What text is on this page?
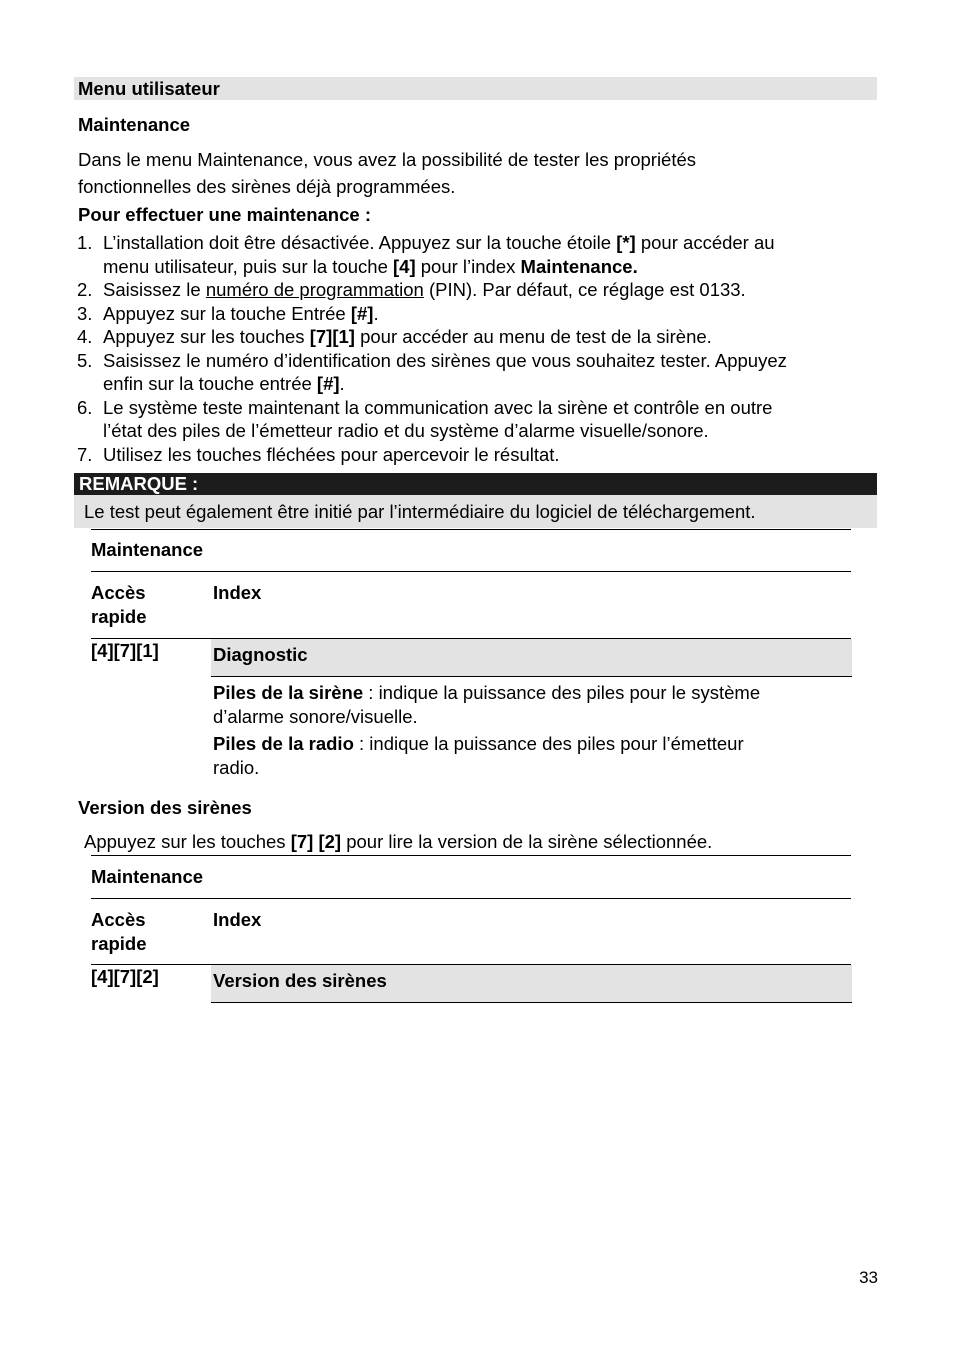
Menu utilisateur
Maintenance
Dans le menu Maintenance, vous avez la possibilité de tester les propriétés
fonctionnelles des sirènes déjà programmées.
Pour effectuer une maintenance :
1. L’installation doit être désactivée. Appuyez sur la touche étoile [*] pour accéder au
menu utilisateur, puis sur la touche [4] pour l’index Maintenance.
2. Saisissez le numéro de programmation (PIN). Par défaut, ce réglage est 0133.
3. Appuyez sur la touche Entrée [#].
4. Appuyez sur les touches [7][1] pour accéder au menu de test de la sirène.
5. Saisissez le numéro d’identification des sirènes que vous souhaitez tester. Appuyez
enfin sur la touche entrée [#].
6. Le système teste maintenant la communication avec la sirène et contrôle en outre
l’état des piles de l’émetteur radio et du système d’alarme visuelle/sonore.
7. Utilisez les touches fléchées pour apercevoir le résultat.
REMARQUE :
Le test peut également être initié par l’intermédiaire du logiciel de téléchargement.
Maintenance
Accès
rapide
Index
[4][7][1]	Diagnostic
Piles de la sirène : indique la puissance des piles pour le système
d’alarme sonore/visuelle.
Piles de la radio : indique la puissance des piles pour l’émetteur
radio.
Version des sirènes
Appuyez sur les touches [7] [2] pour lire la version de la sirène sélectionnée.
Maintenance
Accès
rapide
Index
[4][7][2]	Version des sirènes
33
